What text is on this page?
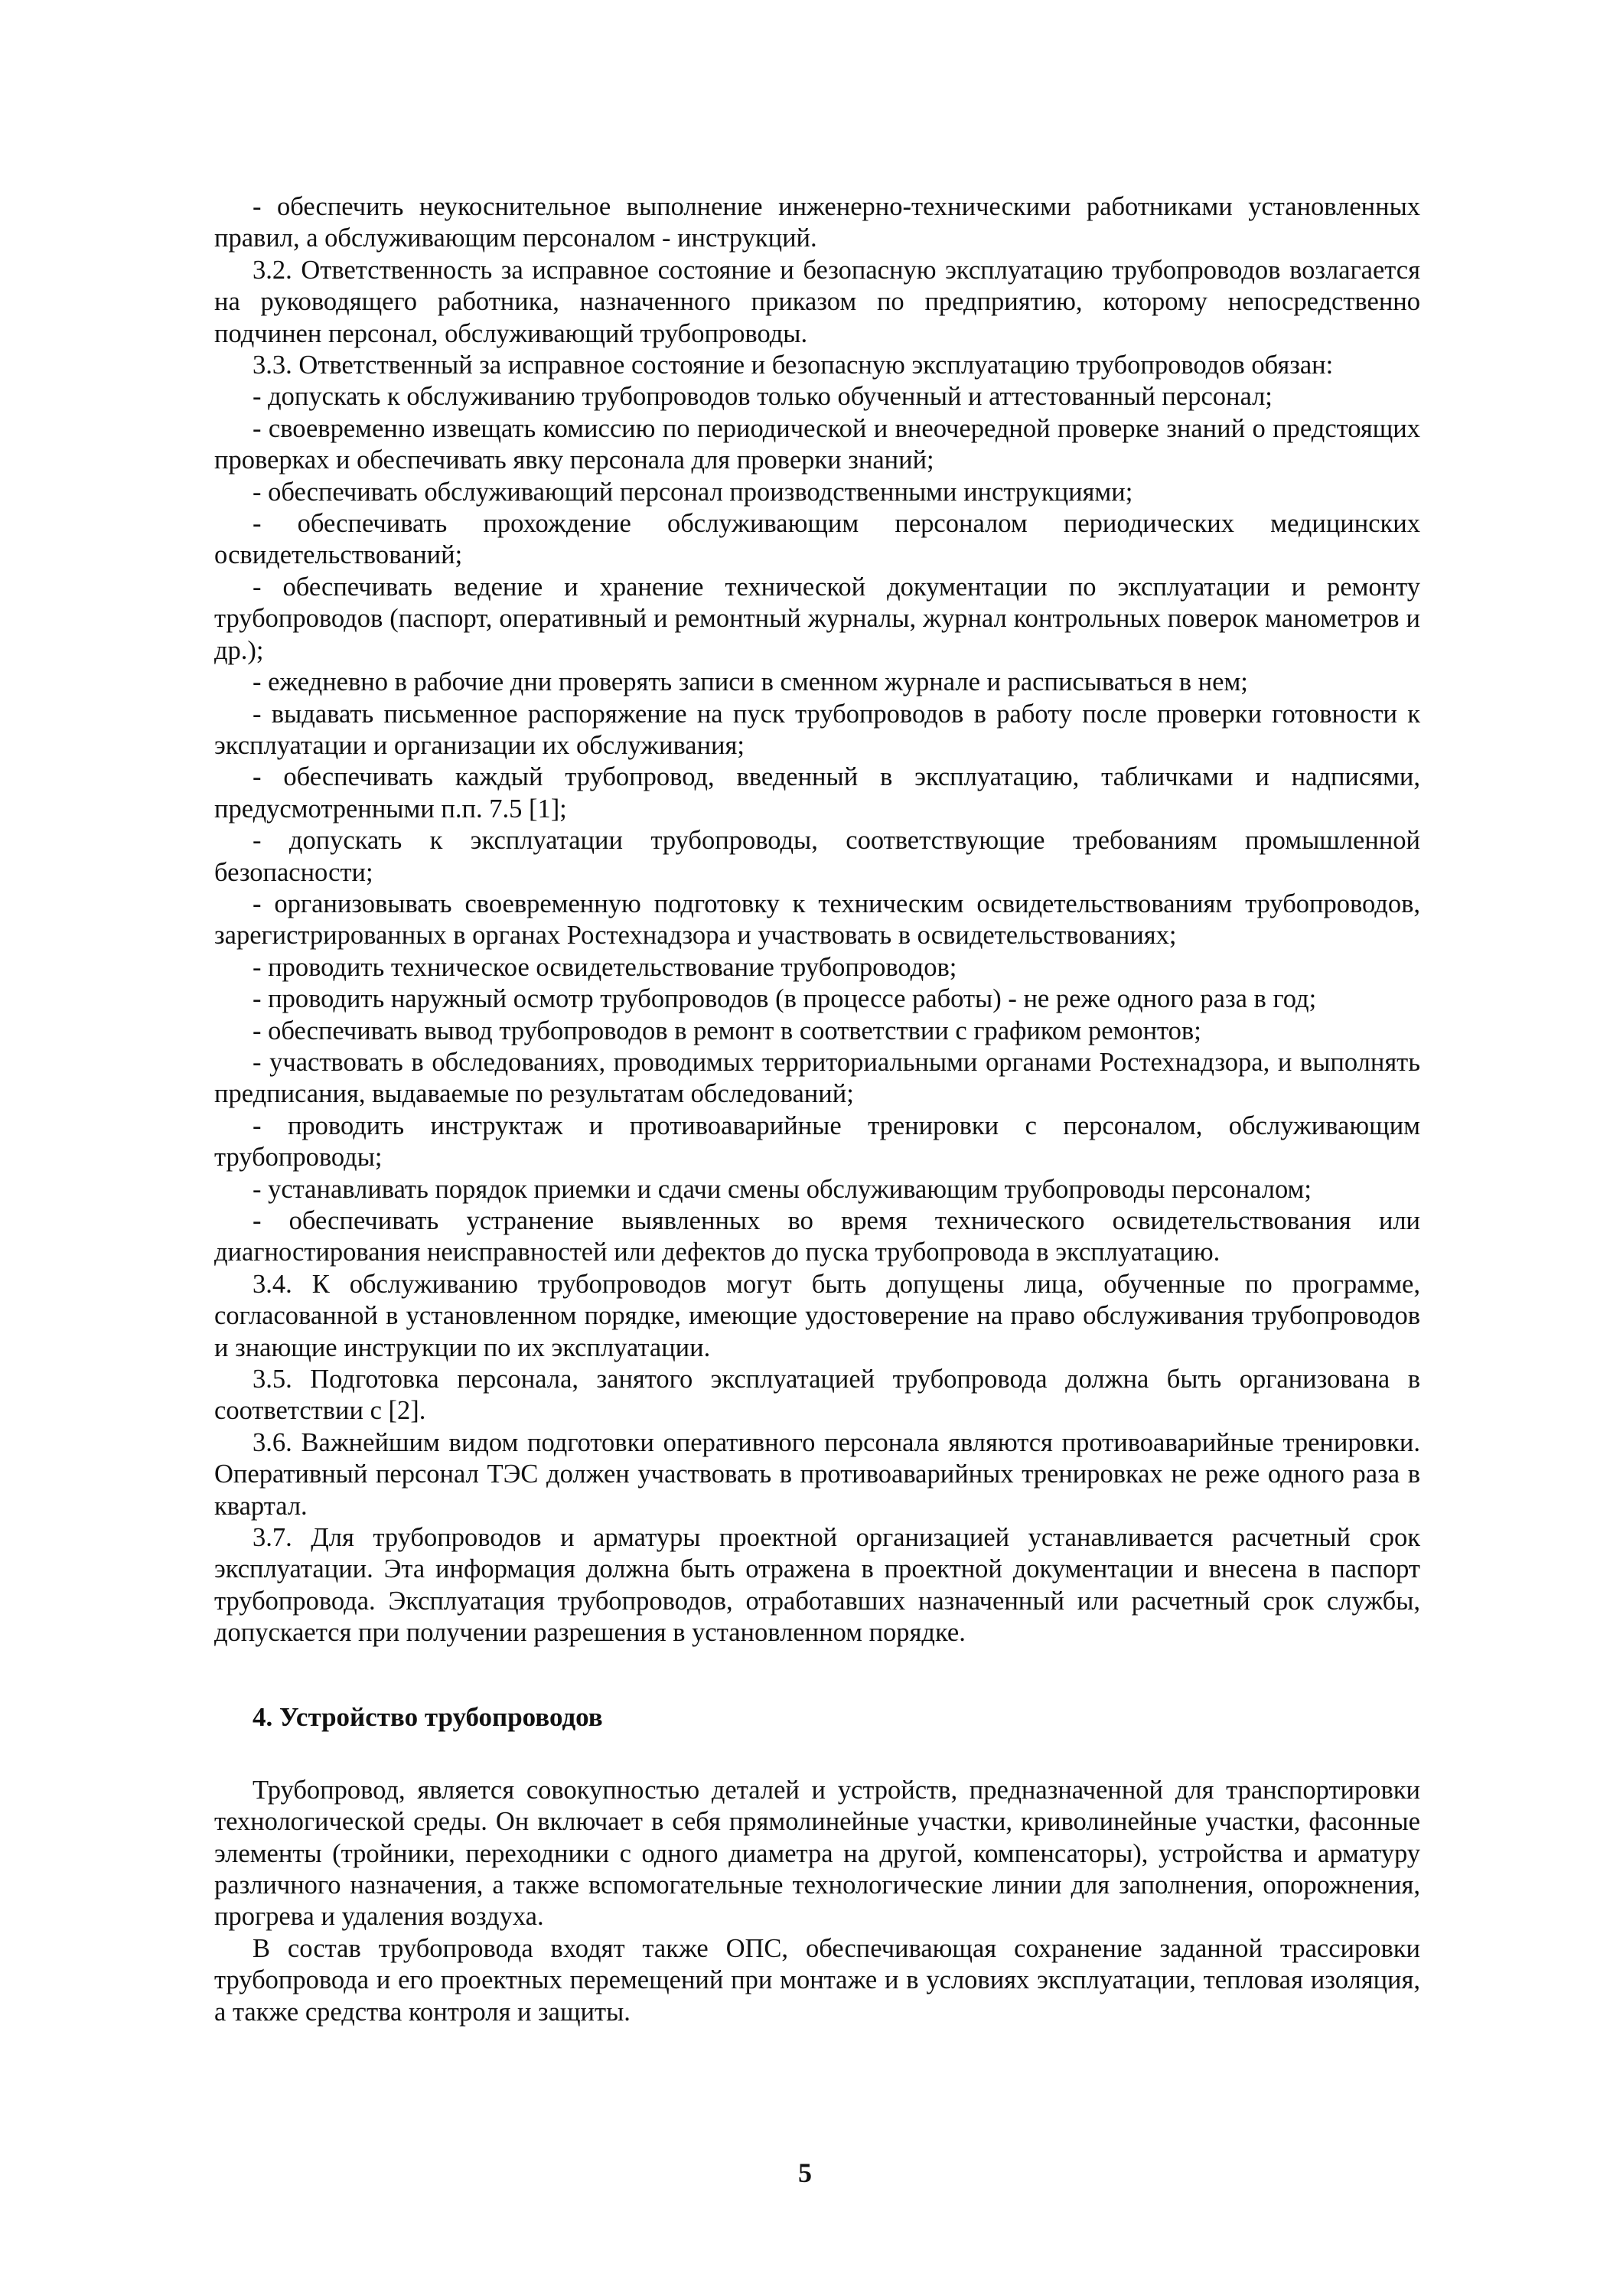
- обеспечить неукоснительное выполнение инженерно-техническими работниками установленных правил, а обслуживающим персоналом - инструкций.

3.2. Ответственность за исправное состояние и безопасную эксплуатацию трубопроводов возлагается на руководящего работника, назначенного приказом по предприятию, которому непосредственно подчинен персонал, обслуживающий трубопроводы.

3.3. Ответственный за исправное состояние и безопасную эксплуатацию трубопроводов обязан:

- допускать к обслуживанию трубопроводов только обученный и аттестованный персонал;

- своевременно извещать комиссию по периодической и внеочередной проверке знаний о предстоящих проверках и обеспечивать явку персонала для проверки знаний;

- обеспечивать обслуживающий персонал производственными инструкциями;

- обеспечивать прохождение обслуживающим персоналом периодических медицинских освидетельствований;

- обеспечивать ведение и хранение технической документации по эксплуатации и ремонту трубопроводов (паспорт, оперативный и ремонтный журналы, журнал контрольных поверок манометров и др.);

- ежедневно в рабочие дни проверять записи в сменном журнале и расписываться в нем;

- выдавать письменное распоряжение на пуск трубопроводов в работу после проверки готовности к эксплуатации и организации их обслуживания;

- обеспечивать каждый трубопровод, введенный в эксплуатацию, табличками и надписями, предусмотренными п.п. 7.5 [1];

- допускать к эксплуатации трубопроводы, соответствующие требованиям промышленной безопасности;

- организовывать своевременную подготовку к техническим освидетельствованиям трубопроводов, зарегистрированных в органах Ростехнадзора и участвовать в освидетельствованиях;

- проводить техническое освидетельствование трубопроводов;

- проводить наружный осмотр трубопроводов (в процессе работы) - не реже одного раза в год;

- обеспечивать вывод трубопроводов в ремонт в соответствии с графиком ремонтов;

- участвовать в обследованиях, проводимых территориальными органами Ростехнадзора, и выполнять предписания, выдаваемые по результатам обследований;

- проводить инструктаж и противоаварийные тренировки с персоналом, обслуживающим трубопроводы;

- устанавливать порядок приемки и сдачи смены обслуживающим трубопроводы персоналом;

- обеспечивать устранение выявленных во время технического освидетельствования или диагностирования неисправностей или дефектов до пуска трубопровода в эксплуатацию.

3.4. К обслуживанию трубопроводов могут быть допущены лица, обученные по программе, согласованной в установленном порядке, имеющие удостоверение на право обслуживания трубопроводов и знающие инструкции по их эксплуатации.

3.5. Подготовка персонала, занятого эксплуатацией трубопровода должна быть организована в соответствии с [2].

3.6. Важнейшим видом подготовки оперативного персонала являются противоаварийные тренировки. Оперативный персонал ТЭС должен участвовать в противоаварийных тренировках не реже одного раза в квартал.

3.7. Для трубопроводов и арматуры проектной организацией устанавливается расчетный срок эксплуатации. Эта информация должна быть отражена в проектной документации и внесена в паспорт трубопровода. Эксплуатация трубопроводов, отработавших назначенный или расчетный срок службы, допускается при получении разрешения в установленном порядке.

4. Устройство трубопроводов

Трубопровод, является совокупностью деталей и устройств, предназначенной для транспортировки технологической среды. Он включает в себя прямолинейные участки, криволинейные участки, фасонные элементы (тройники, переходники с одного диаметра на другой, компенсаторы), устройства и арматуру различного назначения, а также вспомогательные технологические линии для заполнения, опорожнения, прогрева и удаления воздуха.

В состав трубопровода входят также ОПС, обеспечивающая сохранение заданной трассировки трубопровода и его проектных перемещений при монтаже и в условиях эксплуатации, тепловая изоляция, а также средства контроля и защиты.

5
